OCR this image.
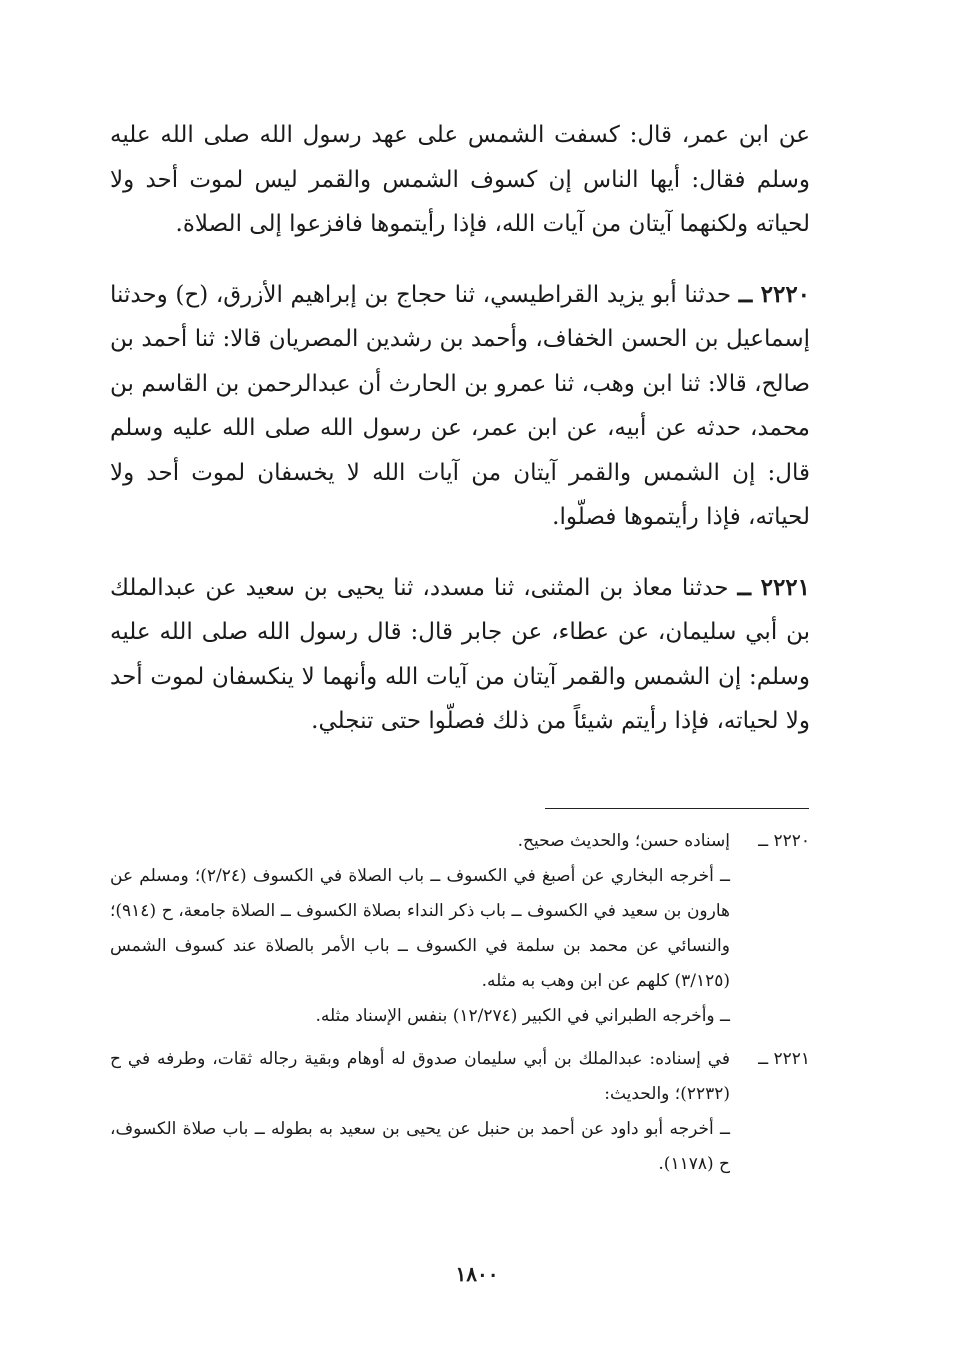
عن ابن عمر، قال: كسفت الشمس على عهد رسول الله صلى الله عليه وسلم فقال: أيها الناس إن كسوف الشمس والقمر ليس لموت أحد ولا لحياته ولكنهما آيتان من آيات الله، فإذا رأيتموها فافزعوا إلى الصلاة.

٢٢٢٠ ــ حدثنا أبو يزيد القراطيسي، ثنا حجاج بن إبراهيم الأزرق، (ح) وحدثنا إسماعيل بن الحسن الخفاف، وأحمد بن رشدين المصريان قالا: ثنا أحمد بن صالح، قالا: ثنا ابن وهب، ثنا عمرو بن الحارث أن عبدالرحمن بن القاسم بن محمد، حدثه عن أبيه، عن ابن عمر، عن رسول الله صلى الله عليه وسلم قال: إن الشمس والقمر آيتان من آيات الله لا يخسفان لموت أحد ولا لحياته، فإذا رأيتموها فصلّوا.

٢٢٢١ ــ حدثنا معاذ بن المثنى، ثنا مسدد، ثنا يحيى بن سعيد عن عبدالملك بن أبي سليمان، عن عطاء، عن جابر قال: قال رسول الله صلى الله عليه وسلم: إن الشمس والقمر آيتان من آيات الله وأنهما لا ينكسفان لموت أحد ولا لحياته، فإذا رأيتم شيئاً من ذلك فصلّوا حتى تنجلي.

٢٢٢٠ ــ

إسناده حسن؛ والحديث صحيح.

ــ أخرجه البخاري عن أصبغ في الكسوف ــ باب الصلاة في الكسوف (٢/٢٤)؛ ومسلم عن هارون بن سعيد في الكسوف ــ باب ذكر النداء بصلاة الكسوف ــ الصلاة جامعة، ح (٩١٤)؛ والنسائي عن محمد بن سلمة في الكسوف ــ باب الأمر بالصلاة عند كسوف الشمس (٣/١٢٥) كلهم عن ابن وهب به مثله.

ــ وأخرجه الطبراني في الكبير (١٢/٢٧٤) بنفس الإسناد مثله.

٢٢٢١ ــ

في إسناده: عبدالملك بن أبي سليمان صدوق له أوهام وبقية رجاله ثقات، وطرفه في ح (٢٢٣٢)؛ والحديث:

ــ أخرجه أبو داود عن أحمد بن حنبل عن يحيى بن سعيد به بطوله ــ باب صلاة الكسوف، ح (١١٧٨).

١٨٠٠
